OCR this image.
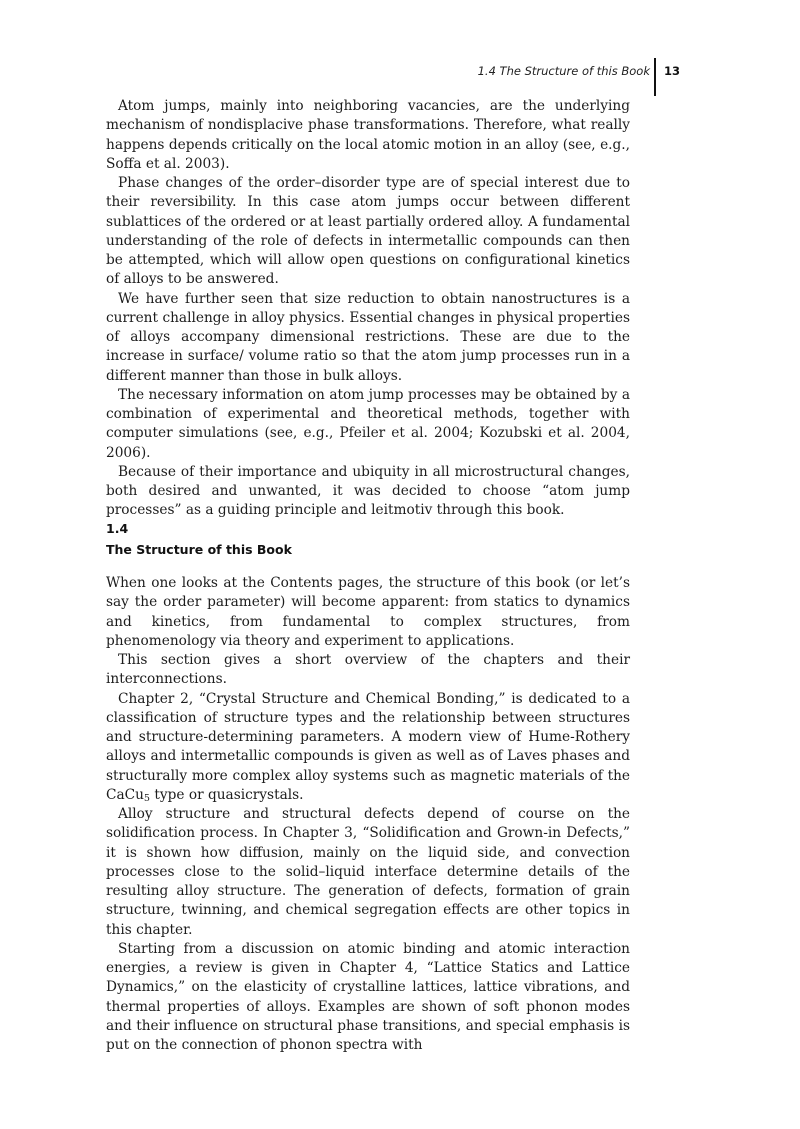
1.4 The Structure of this Book 13

Atom jumps, mainly into neighboring vacancies, are the underlying mechanism of nondisplacive phase transformations. Therefore, what really happens depends critically on the local atomic motion in an alloy (see, e.g., Soffa et al. 2003).

Phase changes of the order–disorder type are of special interest due to their reversibility. In this case atom jumps occur between different sublattices of the ordered or at least partially ordered alloy. A fundamental understanding of the role of defects in intermetallic compounds can then be attempted, which will allow open questions on configurational kinetics of alloys to be answered.

We have further seen that size reduction to obtain nanostructures is a current challenge in alloy physics. Essential changes in physical properties of alloys accompany dimensional restrictions. These are due to the increase in surface/ volume ratio so that the atom jump processes run in a different manner than those in bulk alloys.

The necessary information on atom jump processes may be obtained by a combination of experimental and theoretical methods, together with computer simulations (see, e.g., Pfeiler et al. 2004; Kozubski et al. 2004, 2006).

Because of their importance and ubiquity in all microstructural changes, both desired and unwanted, it was decided to choose “atom jump processes” as a guiding principle and leitmotiv through this book.

1.4
The Structure of this Book

When one looks at the Contents pages, the structure of this book (or let’s say the order parameter) will become apparent: from statics to dynamics and kinetics, from fundamental to complex structures, from phenomenology via theory and experiment to applications.

This section gives a short overview of the chapters and their interconnections.

Chapter 2, “Crystal Structure and Chemical Bonding,” is dedicated to a classification of structure types and the relationship between structures and structure-determining parameters. A modern view of Hume-Rothery alloys and intermetallic compounds is given as well as of Laves phases and structurally more complex alloy systems such as magnetic materials of the CaCu$_5$ type or quasicrystals.

Alloy structure and structural defects depend of course on the solidification process. In Chapter 3, “Solidification and Grown-in Defects,” it is shown how diffusion, mainly on the liquid side, and convection processes close to the solid–liquid interface determine details of the resulting alloy structure. The generation of defects, formation of grain structure, twinning, and chemical segregation effects are other topics in this chapter.

Starting from a discussion on atomic binding and atomic interaction energies, a review is given in Chapter 4, “Lattice Statics and Lattice Dynamics,” on the elasticity of crystalline lattices, lattice vibrations, and thermal properties of alloys. Examples are shown of soft phonon modes and their influence on structural phase transitions, and special emphasis is put on the connection of phonon spectra with
